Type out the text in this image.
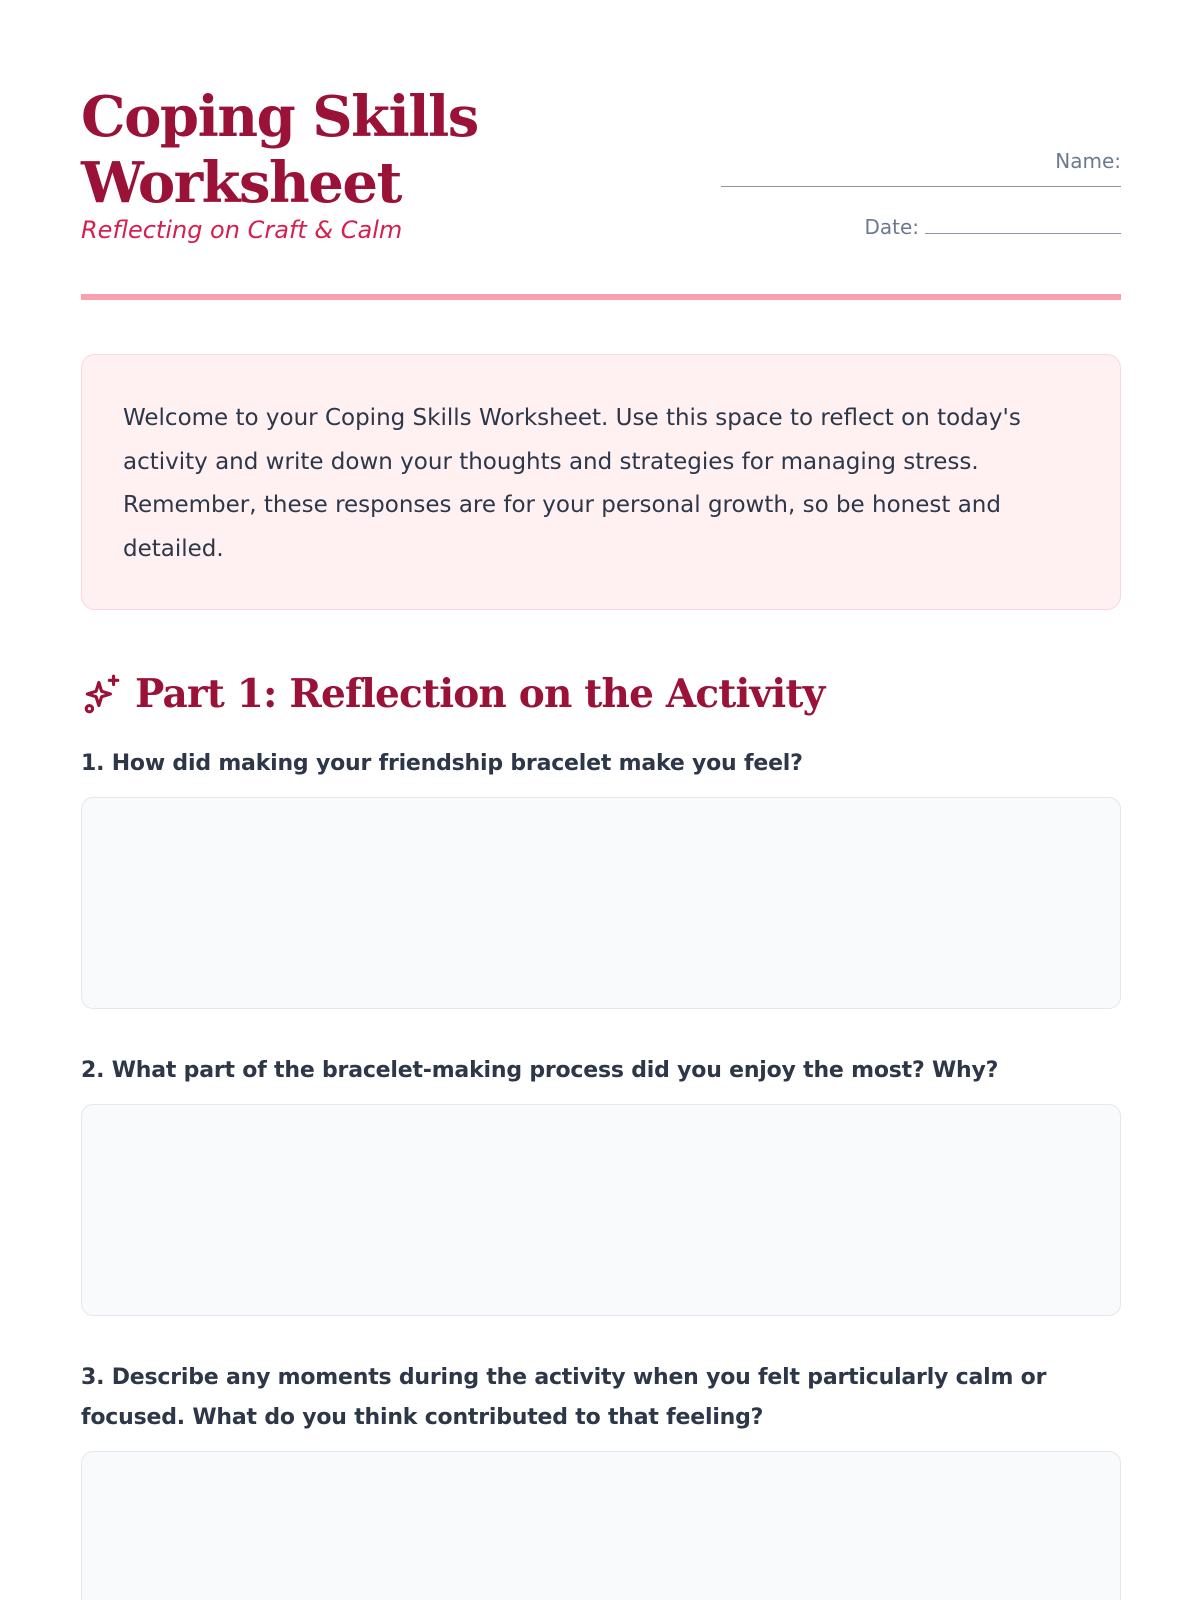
Coping Skills
Worksheet
Reflecting on Craft & Calm
Name:
Date:
Welcome to your Coping Skills Worksheet. Use this space to reflect on today's activity and write down your thoughts and strategies for managing stress. Remember, these responses are for your personal growth, so be honest and detailed.
Part 1: Reflection on the Activity
1. How did making your friendship bracelet make you feel?
2. What part of the bracelet-making process did you enjoy the most? Why?
3. Describe any moments during the activity when you felt particularly calm or focused. What do you think contributed to that feeling?
